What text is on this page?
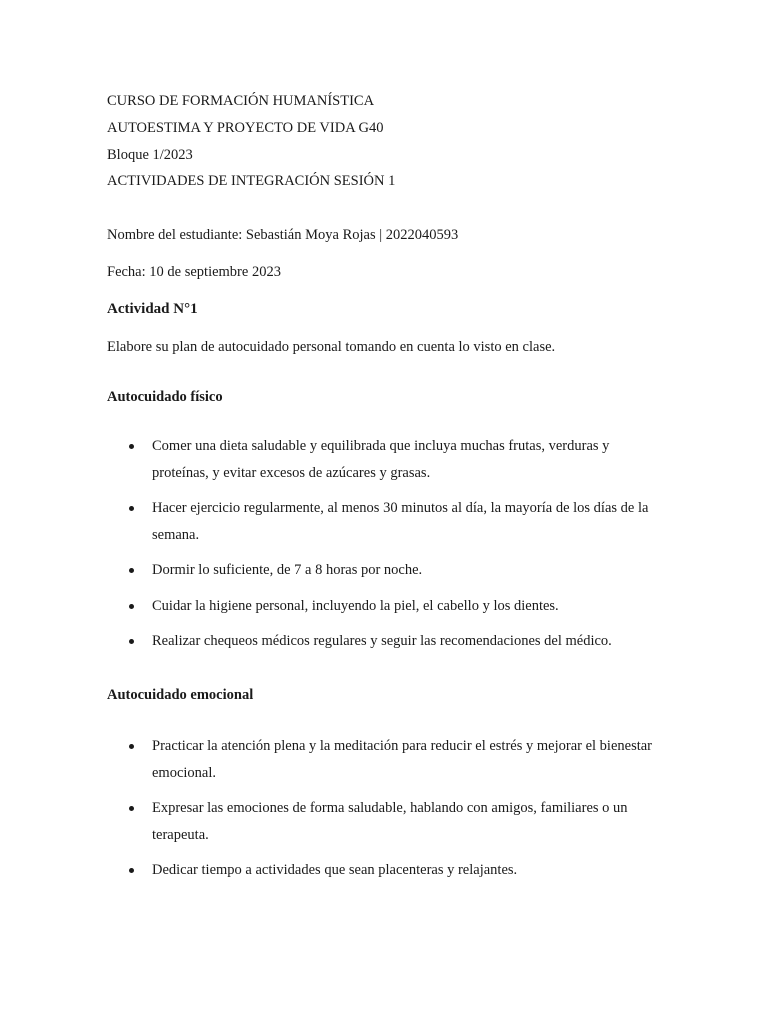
CURSO DE FORMACIÓN HUMANÍSTICA
AUTOESTIMA Y PROYECTO DE VIDA G40
Bloque 1/2023
ACTIVIDADES DE INTEGRACIÓN SESIÓN 1
Nombre del estudiante: Sebastián Moya Rojas | 2022040593
Fecha: 10 de septiembre 2023
Actividad N°1
Elabore su plan de autocuidado personal tomando en cuenta lo visto en clase.
Autocuidado físico
Comer una dieta saludable y equilibrada que incluya muchas frutas, verduras y proteínas, y evitar excesos de azúcares y grasas.
Hacer ejercicio regularmente, al menos 30 minutos al día, la mayoría de los días de la semana.
Dormir lo suficiente, de 7 a 8 horas por noche.
Cuidar la higiene personal, incluyendo la piel, el cabello y los dientes.
Realizar chequeos médicos regulares y seguir las recomendaciones del médico.
Autocuidado emocional
Practicar la atención plena y la meditación para reducir el estrés y mejorar el bienestar emocional.
Expresar las emociones de forma saludable, hablando con amigos, familiares o un terapeuta.
Dedicar tiempo a actividades que sean placenteras y relajantes.
